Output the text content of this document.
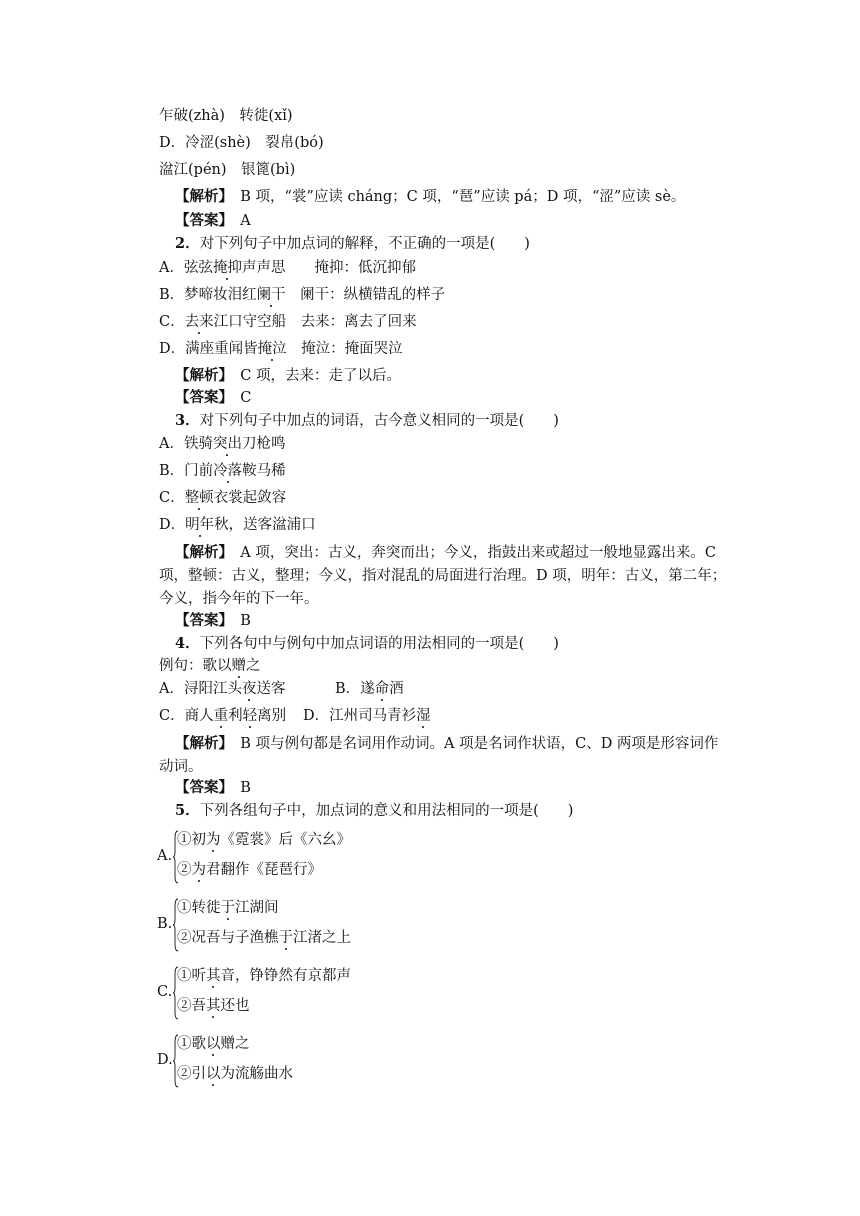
乍破(zhà)　转徙(xǐ)
D．冷涩(shè)　裂帛(bó)
湓江(pén)　银篦(bì)
【解析】　B 项，“裳”应读 cháng；C 项，“琶”应读 pá；D 项，“涩”应读 sè。
【答案】　A
2．对下列句子中加点词的解释，不正确的一项是(　　)
A．弦弦掩抑声声思　　掩抑：低沉抑郁
B．梦啼妆泪红阑干　阑干：纵横错乱的样子
C．去来江口守空船　去来：离去了回来
D．满座重闻皆掩泣　掩泣：掩面哭泣
【解析】　C 项，去来：走了以后。
【答案】　C
3．对下列句子中加点的词语，古今意义相同的一项是(　　)
A．铁骑突出刀枪鸣
B．门前冷落鞍马稀
C．整顿衣裳起敛容
D．明年秋，送客湓浦口
【解析】　A 项，突出：古义，奔突而出；今义，指鼓出来或超过一般地显露出来。C 项，整顿：古义，整理；今义，指对混乱的局面进行治理。D 项，明年：古义，第二年；今义，指今年的下一年。
【答案】　B
4．下列各句中与例句中加点词语的用法相同的一项是(　　)
例句：歌以赠之
A．浔阳江头夜送客	B．遂命酒
C．商人重利轻离别 D．江州司马青衫湿
【解析】　B 项与例句都是名词用作动词。A 项是名词作状语，C、D 两项是形容词作动词。
【答案】　B
5．下列各组句子中，加点词的意义和用法相同的一项是(　　)
A.
①初为《霓裳》后《六幺》
②为君翻作《琵琶行》
B.
①转徙于江湖间
②况吾与子渔樵于江渚之上
C.
①听其音，铮铮然有京都声
②吾其还也
D.
①歌以赠之
②引以为流觞曲水
